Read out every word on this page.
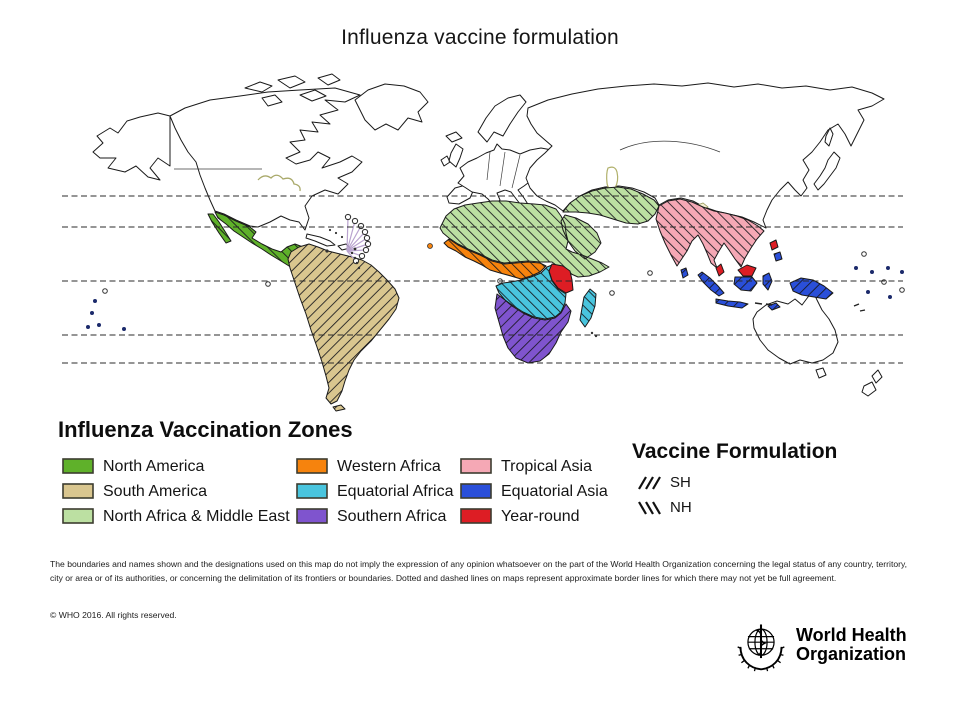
Influenza vaccine formulation
Influenza Vaccination Zones
North America
South America
North Africa & Middle East
Western Africa
Equatorial Africa
Southern Africa
Tropical Asia
Equatorial Asia
Year-round
Vaccine Formulation
SH
NH
The boundaries and names shown and the designations used on this map do not imply the expression of any opinion whatsoever on the part of the World Health Organization concerning the legal status of any country, territory, city or area or of its authorities, or concerning the delimitation of its frontiers or boundaries. Dotted and dashed lines on maps represent approximate border lines for which there may not yet be full agreement.
© WHO 2016. All rights reserved.
World Health
Organization
